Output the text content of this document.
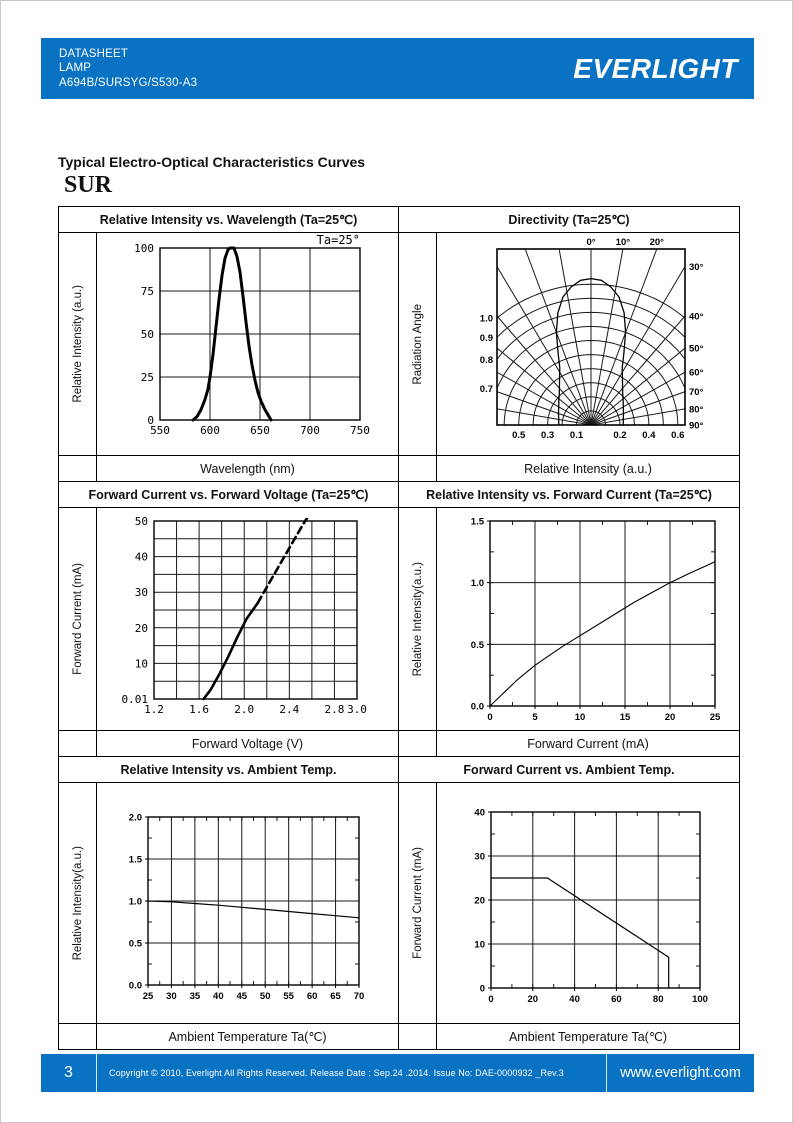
DATASHEET
LAMP
A694B/SURSYG/S530-A3	EVERLIGHT
Typical Electro-Optical Characteristics Curves
SUR
Relative Intensity vs. Wavelength (Ta=25℃)
Relative Intensity (a.u.)
550	600	650	700	750
0
25
50
75
100
Ta=25°
Wavelength (nm)
Directivity (Ta=25℃)
Radiation Angle	1.0
0.9
0.8
0.7
0.5 0.3 0.1	0.2 0.4 0.6
0° 10° 20°
30°
40°
50°
60°
70°
80°
90°
Relative Intensity (a.u.)
Forward Current vs. Forward Voltage (Ta=25℃)
Forward Current (mA)
1.2 1.6 2.0 2.4 2.8 3.0
0.01
10
20
30
40
50
Forward Voltage (V)
Relative Intensity vs. Forward Current (Ta=25℃)
Relative Intensity(a.u.)
0	5	10	15	20	25
0.0
0.5
1.0
1.5
Forward Current (mA)
Relative Intensity vs. Ambient Temp.
Relative Intensity(a.u.)
25 30 35 40 45 50 55 60 65 70
0.0
0.5
1.0
1.5
2.0
Ambient Temperature Ta(℃)
Forward Current vs. Ambient Temp.
Forward Current (mA)
0	20	40	60	80	100
0
10
20
30
40
Ambient Temperature Ta(℃)
3	Copyright © 2010, Everlight All Rights Reserved. Release Date : Sep.24 .2014. Issue No: DAE-0000932 _Rev.3	www.everlight.com
